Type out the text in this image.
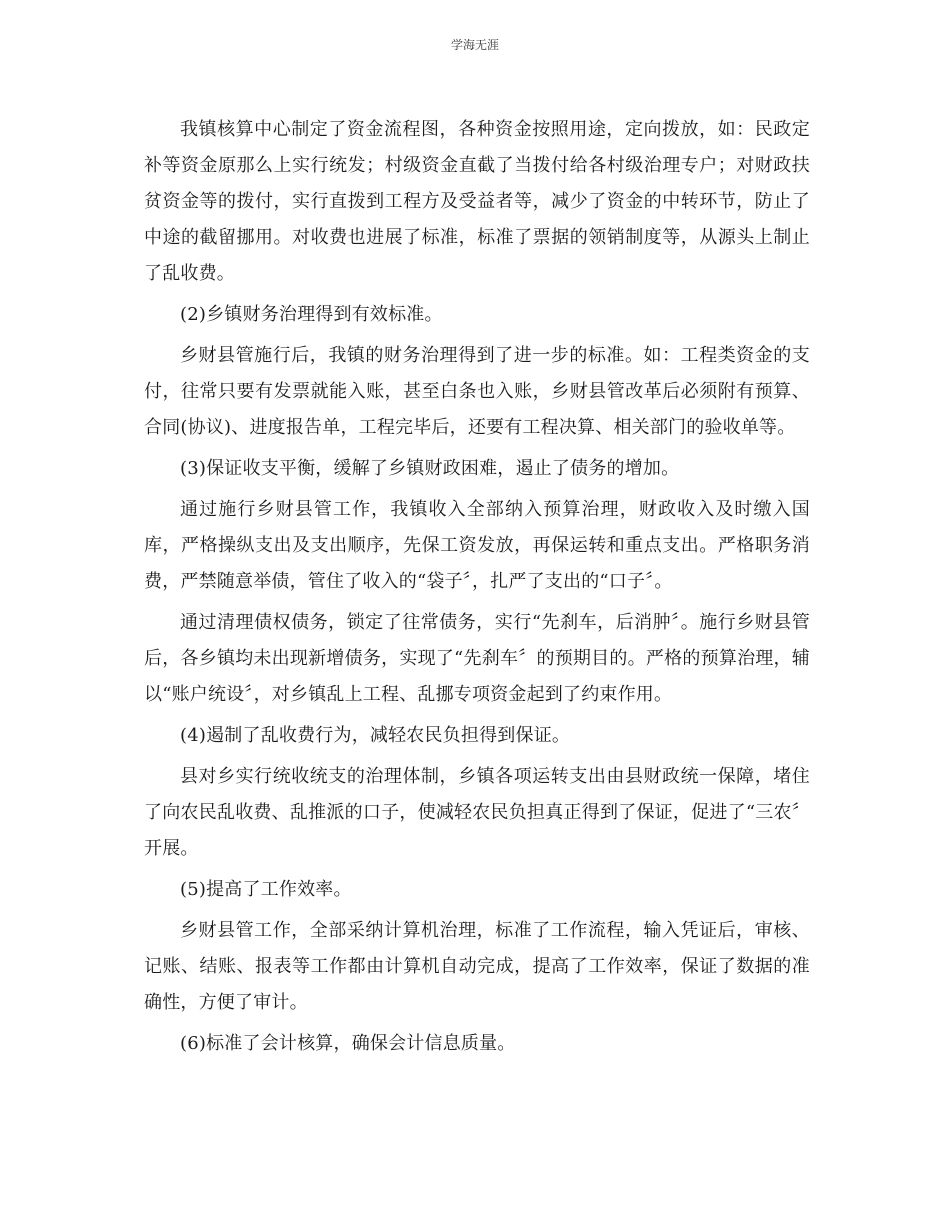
学海无涯

我镇核算中心制定了资金流程图，各种资金按照用途，定向拨放，如：民政定补等资金原那么上实行统发；村级资金直截了当拨付给各村级治理专户；对财政扶贫资金等的拨付，实行直拨到工程方及受益者等，减少了资金的中转环节，防止了中途的截留挪用。对收费也进展了标准，标准了票据的领销制度等，从源头上制止了乱收费。

(2)乡镇财务治理得到有效标准。

乡财县管施行后，我镇的财务治理得到了进一步的标准。如：工程类资金的支付，往常只要有发票就能入账，甚至白条也入账，乡财县管改革后必须附有预算、合同(协议)、进度报告单，工程完毕后，还要有工程决算、相关部门的验收单等。

(3)保证收支平衡，缓解了乡镇财政困难，遏止了债务的增加。

通过施行乡财县管工作，我镇收入全部纳入预算治理，财政收入及时缴入国库，严格操纵支出及支出顺序，先保工资发放，再保运转和重点支出。严格职务消费，严禁随意举债，管住了收入的“袋子〞，扎严了支出的“口子〞。

通过清理债权债务，锁定了往常债务，实行“先刹车，后消肿〞。施行乡财县管后，各乡镇均未出现新增债务，实现了“先刹车〞的预期目的。严格的预算治理，辅以“账户统设〞，对乡镇乱上工程、乱挪专项资金起到了约束作用。

(4)遏制了乱收费行为，减轻农民负担得到保证。

县对乡实行统收统支的治理体制，乡镇各项运转支出由县财政统一保障，堵住了向农民乱收费、乱推派的口子，使减轻农民负担真正得到了保证，促进了“三农〞开展。

(5)提高了工作效率。

乡财县管工作，全部采纳计算机治理，标准了工作流程，输入凭证后，审核、记账、结账、报表等工作都由计算机自动完成，提高了工作效率，保证了数据的准确性，方便了审计。

(6)标准了会计核算，确保会计信息质量。
